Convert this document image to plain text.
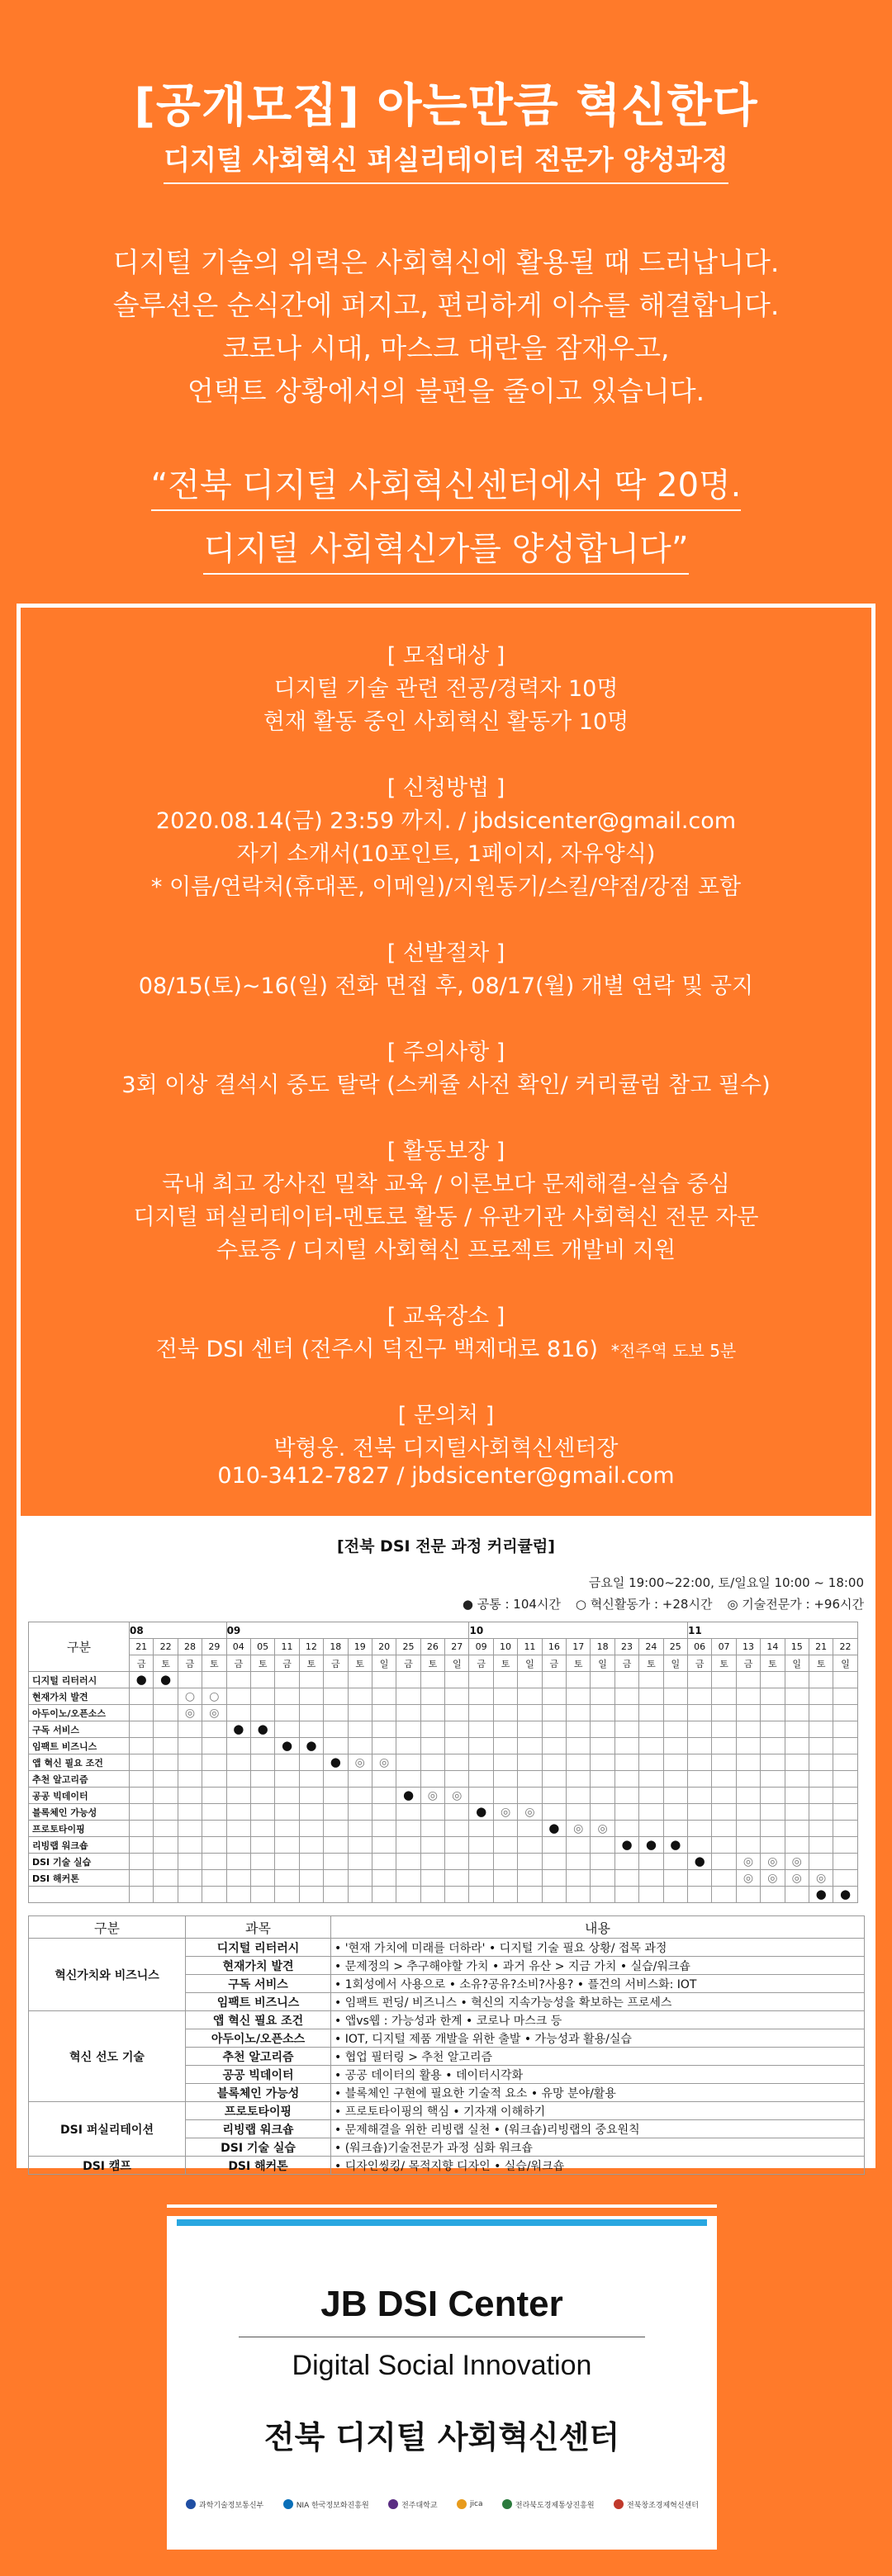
[공개모집] 아는만큼 혁신한다
디지털 사회혁신 퍼실리테이터 전문가 양성과정
디지털 기술의 위력은 사회혁신에 활용될 때 드러납니다.
솔루션은 순식간에 퍼지고, 편리하게 이슈를 해결합니다.
코로나 시대, 마스크 대란을 잠재우고,
언택트 상황에서의 불편을 줄이고 있습니다.
“전북 디지털 사회혁신센터에서 딱 20명.
디지털 사회혁신가를 양성합니다”
[ 모집대상 ]
디지털 기술 관련 전공/경력자 10명
현재 활동 중인 사회혁신 활동가 10명
[ 신청방법 ]
2020.08.14(금) 23:59 까지. / jbdsicenter@gmail.com
자기 소개서(10포인트, 1페이지, 자유양식)
* 이름/연락처(휴대폰, 이메일)/지원동기/스킬/약점/강점 포함
[ 선발절차 ]
08/15(토)~16(일) 전화 면접 후, 08/17(월) 개별 연락 및 공지
[ 주의사항 ]
3회 이상 결석시 중도 탈락 (스케쥴 사전 확인/ 커리큘럼 참고 필수)
[ 활동보장 ]
국내 최고 강사진 밀착 교육 / 이론보다 문제해결-실습 중심
디지털 퍼실리테이터-멘토로 활동 / 유관기관 사회혁신 전문 자문
수료증 / 디지털 사회혁신 프로젝트 개발비 지원
[ 교육장소 ]
전북 DSI 센터 (전주시 덕진구 백제대로 816) *전주역 도보 5분
[ 문의처 ]
박형웅. 전북 디지털사회혁신센터장
010-3412-7827 / jbdsicenter@gmail.com
[전북 DSI 전문 과정 커리큘럼]
금요일 19:00~22:00, 토/일요일 10:00 ~ 18:00
● 공통 : 104시간 ○ 혁신활동가 : +28시간 ◎ 기술전문가 : +96시간
구분	08				09										10									11						
	21	22	28	29	04	05	11	12	18	19	20	25	26	27	09	10	11	16	17	18	23	24	25	06	07	13	14	15	21	22
	금	토	금	토	금	토	금	토	금	토	일	금	토	일	금	토	일	금	토	일	금	토	일	금	토	금	토	일	토	일
디지털 리터러시	●	●																												
현재가치 발견			○	○																										
아두이노/오픈소스			◎	◎																										
구독 서비스					●	●																								
임팩트 비즈니스							●	●																						
앱 혁신 필요 조건									●	◎	◎																			
추천 알고리즘																														
공공 빅데이터												●	◎	◎																
블록체인 가능성															●	◎	◎													
프로토타이핑																		●	◎	◎										
리빙랩 워크숍																					●	●	●							
DSI 기술 실습																								●		◎	◎	◎		
DSI 해커톤																										◎	◎	◎	◎	
																													●	●
구분	과목	내용
혁신가치와 비즈니스	디지털 리터러시	• '현재 가치에 미래를 더하라' • 디지털 기술 필요 상황/ 접목 과정
	현재가치 발견	• 문제정의 > 추구해야할 가치 • 과거 유산 > 지금 가치 • 실습/워크숍
	구독 서비스	• 1회성에서 사용으로 • 소유?공유?소비?사용? • 플건의 서비스화: IOT
	임팩트 비즈니스	• 임팩트 펀딩/ 비즈니스 • 혁신의 지속가능성을 확보하는 프로세스
혁신 선도 기술	앱 혁신 필요 조건	• 앱vs웹 : 가능성과 한계 • 코로나 마스크 등
	아두이노/오픈소스	• IOT, 디지털 제품 개발을 위한 출발 • 가능성과 활용/실습
	추천 알고리즘	• 협업 필터링 > 추천 알고리즘
	공공 빅데이터	• 공공 데이터의 활용 • 데이터시각화
	블록체인 가능성	• 블록체인 구현에 필요한 기술적 요소 • 유망 분야/활용
DSI 퍼실리테이션	프로토타이핑	• 프로토타이핑의 핵심 • 기자재 이해하기
	리빙랩 워크숍	• 문제해결을 위한 리빙랩 실천 • (워크숍)리빙랩의 중요원칙
	DSI 기술 실습	• (워크숍)기술전문가 과정 심화 워크숍
DSI 캠프	DSI 해커톤	• 디자인씽킹/ 목적지향 디자인 • 실습/워크숍
JB DSI Center
Digital Social Innovation
전북 디지털 사회혁신센터
과학기술정보통신부	NIA 한국정보화진흥원	전주대학교	jica	전라북도경제통상진흥원	전북창조경제혁신센터
